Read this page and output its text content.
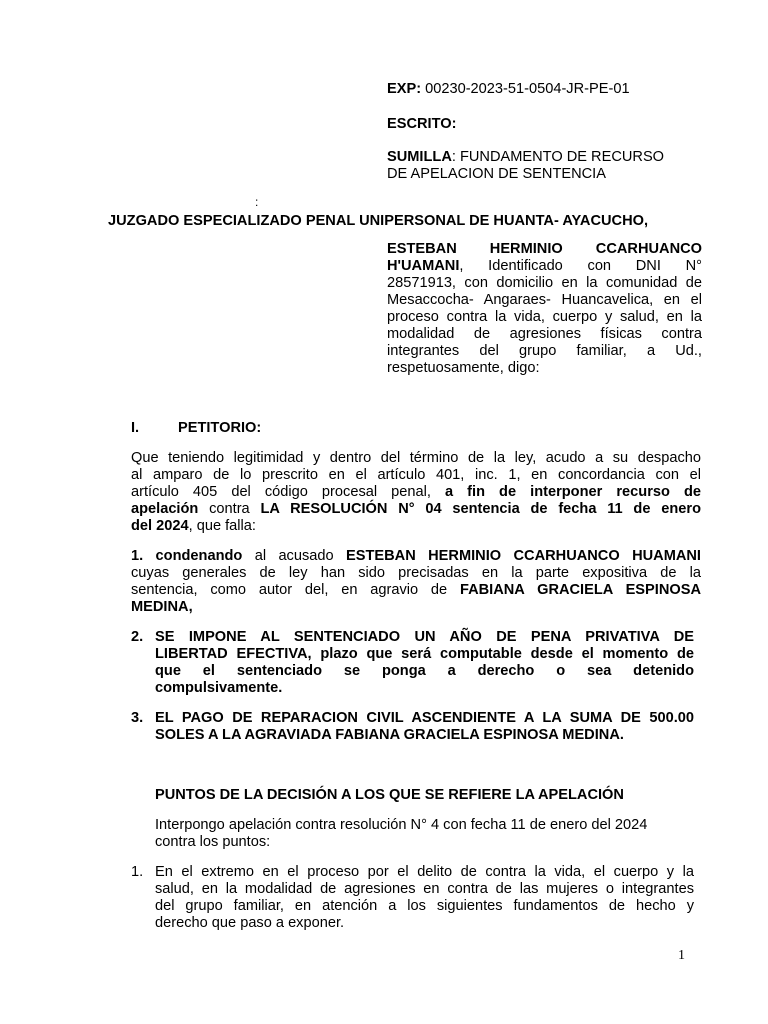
EXP: 00230-2023-51-0504-JR-PE-01
ESCRITO:
SUMILLA: FUNDAMENTO DE RECURSO
DE APELACION DE SENTENCIA
:
JUZGADO ESPECIALIZADO PENAL UNIPERSONAL DE HUANTA- AYACUCHO,
ESTEBAN HERMINIO CCARHUANCO
H'UAMANI, Identificado con DNI N°
28571913, con domicilio en la comunidad de
Mesaccocha- Angaraes- Huancavelica, en el
proceso contra la vida, cuerpo y salud, en la
modalidad de agresiones físicas contra
integrantes del grupo familiar, a Ud.,
respetuosamente, digo:
I.	PETITORIO:
Que teniendo legitimidad y dentro del término de la ley, acudo a su despacho
al amparo de lo prescrito en el artículo 401, inc. 1, en concordancia con el
artículo 405 del código procesal penal, a fin de interponer recurso de
apelación contra LA RESOLUCIÓN N° 04 sentencia de fecha 11 de enero
del 2024, que falla:
1. condenando al acusado ESTEBAN HERMINIO CCARHUANCO HUAMANI
cuyas generales de ley han sido precisadas en la parte expositiva de la
sentencia, como autor del, en agravio de FABIANA GRACIELA ESPINOSA
MEDINA,
2. SE IMPONE AL SENTENCIADO UN AÑO DE PENA PRIVATIVA DE
LIBERTAD EFECTIVA, plazo que será computable desde el momento de
que el sentenciado se ponga a derecho o sea detenido
compulsivamente.
3. EL PAGO DE REPARACION CIVIL ASCENDIENTE A LA SUMA DE 500.00
SOLES A LA AGRAVIADA FABIANA GRACIELA ESPINOSA MEDINA.
PUNTOS DE LA DECISIÓN A LOS QUE SE REFIERE LA APELACIÓN
Interpongo apelación contra resolución N° 4 con fecha 11 de enero del 2024
contra los puntos:
1. En el extremo en el proceso por el delito de contra la vida, el cuerpo y la
salud, en la modalidad de agresiones en contra de las mujeres o integrantes
del grupo familiar, en atención a los siguientes fundamentos de hecho y
derecho que paso a exponer.
1
